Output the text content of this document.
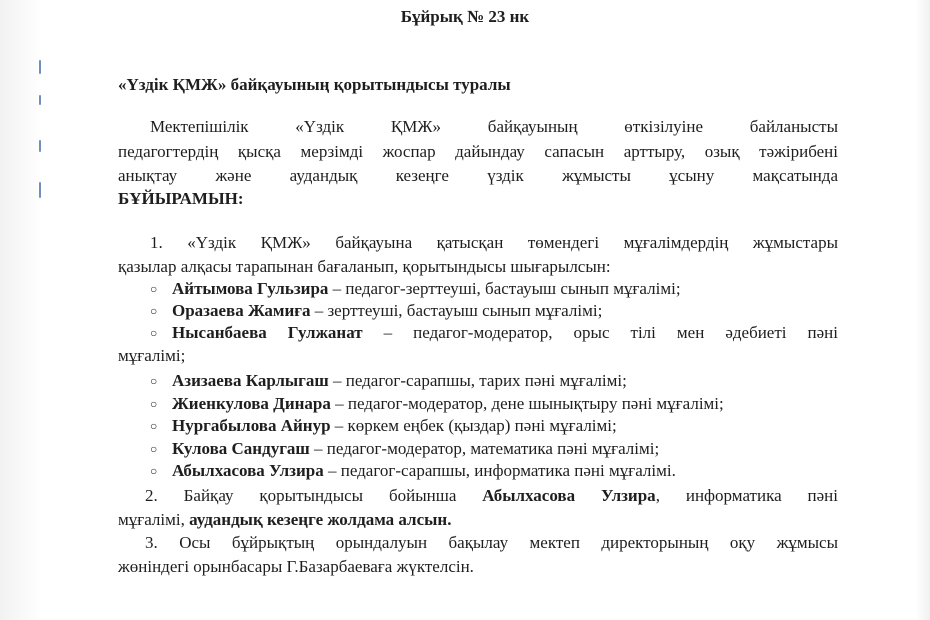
Бұйрық № 23 нк
«Үздік ҚМЖ» байқауының қорытындысы туралы
Мектепішілік «Үздік ҚМЖ» байқауының өткізілуіне байланысты
педагогтердің қысқа мерзімді жоспар дайындау сапасын арттыру, озық тәжірибені
анықтау және аудандық кезеңге үздік жұмысты ұсыну мақсатында
БҰЙЫРАМЫН:
1. «Үздік ҚМЖ» байқауына қатысқан төмендегі мұғалімдердің жұмыстары
қазылар алқасы тарапынан бағаланып, қорытындысы шығарылсын:
○ Айтымова Гульзира – педагог-зерттеуші, бастауыш сынып мұғалімі;
○ Оразаева Жамиға – зерттеуші, бастауыш сынып мұғалімі;
○ Нысанбаева Гулжанат – педагог-модератор, орыс тілі мен әдебиеті пәні
мұғалімі;
○ Азизаева Карлыгаш – педагог-сарапшы, тарих пәні мұғалімі;
○ Жиенкулова Динара – педагог-модератор, дене шынықтыру пәні мұғалімі;
○ Нургабылова Айнур – көркем еңбек (қыздар) пәні мұғалімі;
○ Кулова Сандугаш – педагог-модератор, математика пәні мұғалімі;
○ Абылхасова Улзира – педагог-сарапшы, информатика пәні мұғалімі.
2. Байқау қорытындысы бойынша Абылхасова Улзира, информатика пәні
мұғалімі, аудандық кезеңге жолдама алсын.
3. Осы бұйрықтың орындалуын бақылау мектеп директорының оқу жұмысы
жөніндегі орынбасары Г.Базарбаеваға жүктелсін.
